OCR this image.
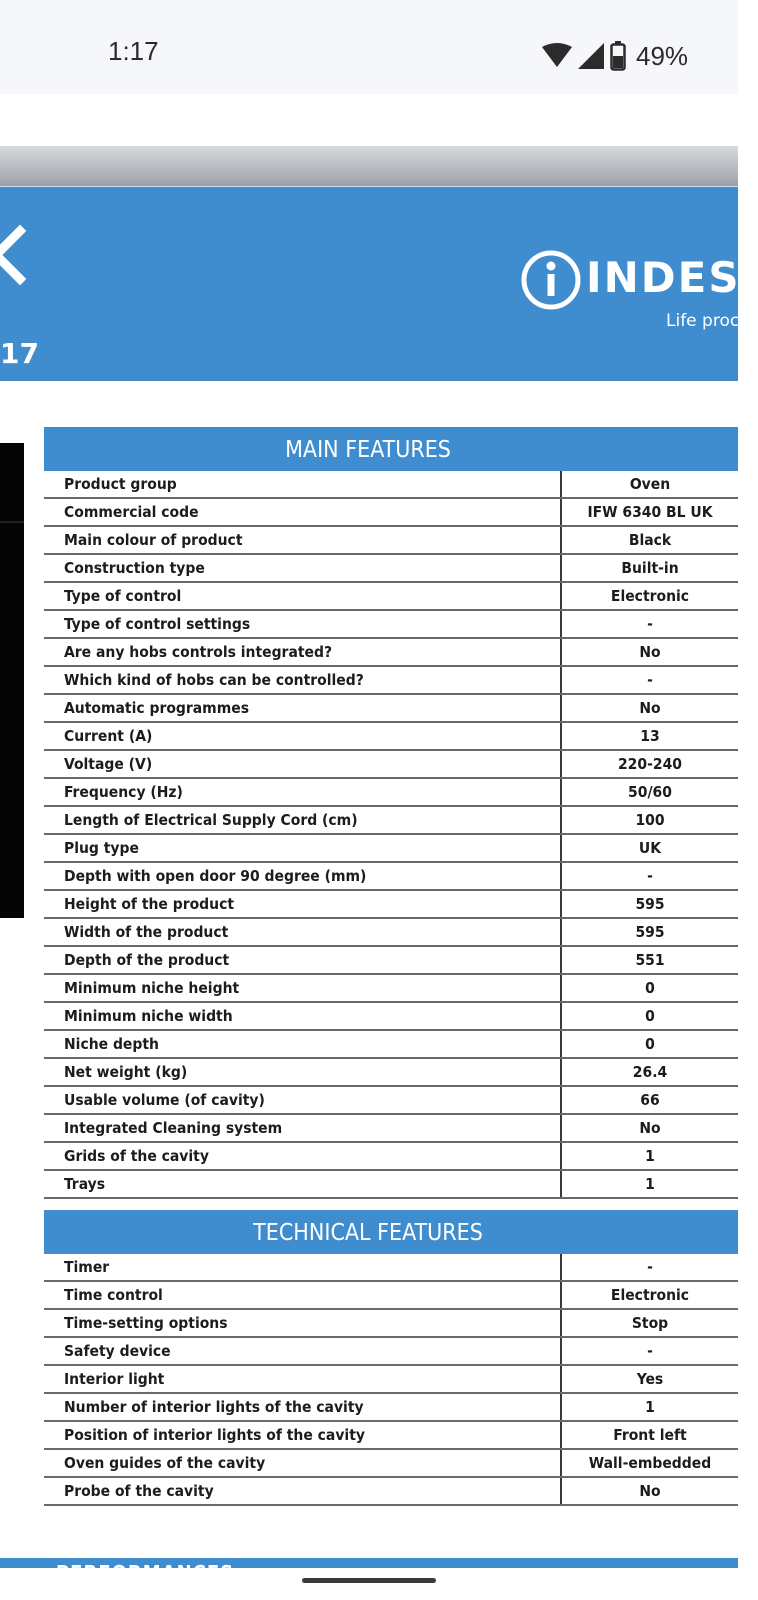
1:17	49%
17
INDESI
Life proc
MAIN FEATURES
Product group	Oven
Commercial code	IFW 6340 BL UK
Main colour of product	Black
Construction type	Built-in
Type of control	Electronic
Type of control settings	-
Are any hobs controls integrated?	No
Which kind of hobs can be controlled?	-
Automatic programmes	No
Current (A)	13
Voltage (V)	220-240
Frequency (Hz)	50/60
Length of Electrical Supply Cord (cm)	100
Plug type	UK
Depth with open door 90 degree (mm)	-
Height of the product	595
Width of the product	595
Depth of the product	551
Minimum niche height	0
Minimum niche width	0
Niche depth	0
Net weight (kg)	26.4
Usable volume (of cavity)	66
Integrated Cleaning system	No
Grids of the cavity	1
Trays	1
TECHNICAL FEATURES
Timer	-
Time control	Electronic
Time-setting options	Stop
Safety device	-
Interior light	Yes
Number of interior lights of the cavity	1
Position of interior lights of the cavity	Front left
Oven guides of the cavity	Wall-embedded
Probe of the cavity	No
